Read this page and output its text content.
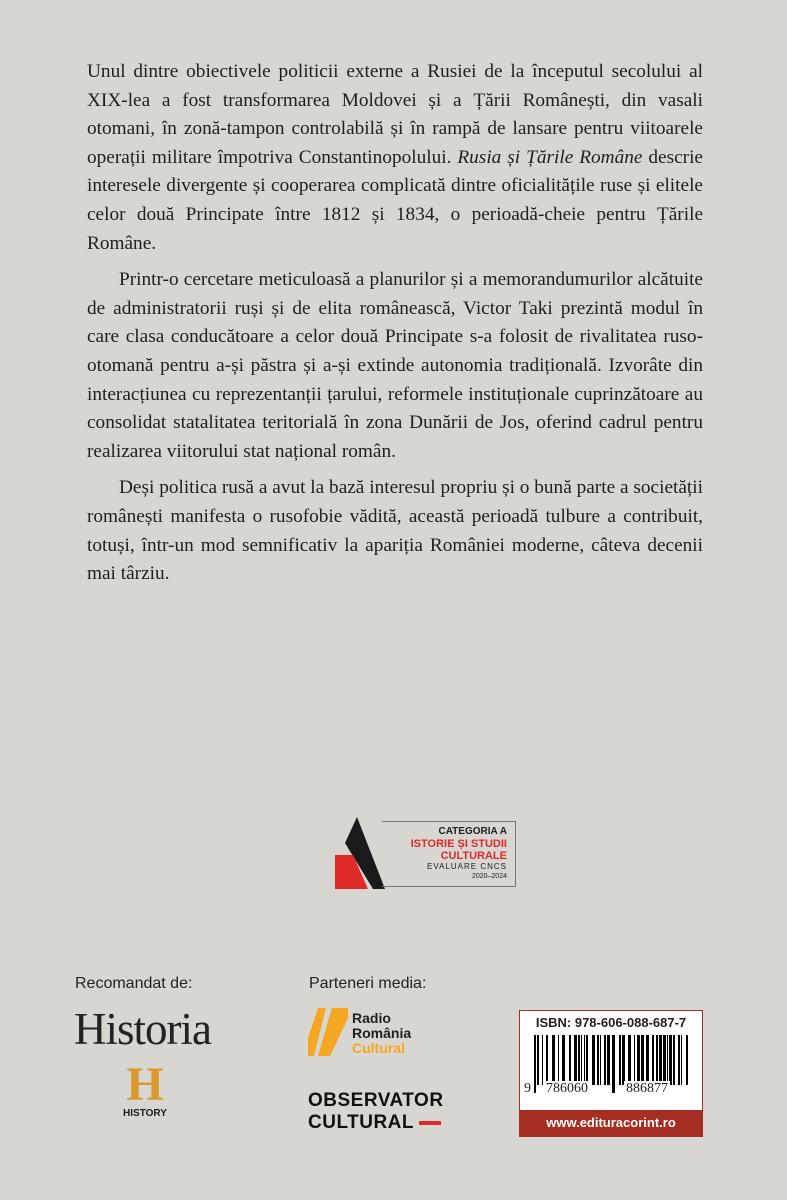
Unul dintre obiectivele politicii externe a Rusiei de la începutul secolului al XIX-lea a fost transformarea Moldovei și a Țării Românești, din vasali otomani, în zonă-tampon controlabilă și în rampă de lansare pentru viitoarele operații militare împotriva Constantinopolului. Rusia și Țările Române descrie interesele divergente și cooperarea complicată dintre oficialitățile ruse și elitele celor două Principate între 1812 și 1834, o perioadă-cheie pentru Țările Române.

Printr-o cercetare meticuloasă a planurilor și a memorandumurilor alcătuite de administratorii ruși și de elita românească, Victor Taki prezintă modul în care clasa conducătoare a celor două Principate s-a folosit de rivalitatea ruso-otomană pentru a-și păstra și a-și extinde autonomia tradițională. Izvorâte din interacțiunea cu reprezentanții țarului, reformele instituționale cuprinzătoare au consolidat statalitatea teritorială în zona Dunării de Jos, oferind cadrul pentru realizarea viitorului stat național român.

Deși politica rusă a avut la bază interesul propriu și o bună parte a societății românești manifesta o rusofobie vădită, această perioadă tulbure a contribuit, totuși, într-un mod semnificativ la apariția României moderne, câteva decenii mai târziu.

CATEGORIA A
ISTORIE ȘI STUDII
CULTURALE
EVALUARE CNCS
2020–2024
Recomandat de:
Historia
H
HISTORY
Parteneri media:
Radio
România
Cultural
OBSERVATOR
CULTURAL
ISBN: 978-606-088-687-7
9 786060	886877
www.edituracorint.ro
